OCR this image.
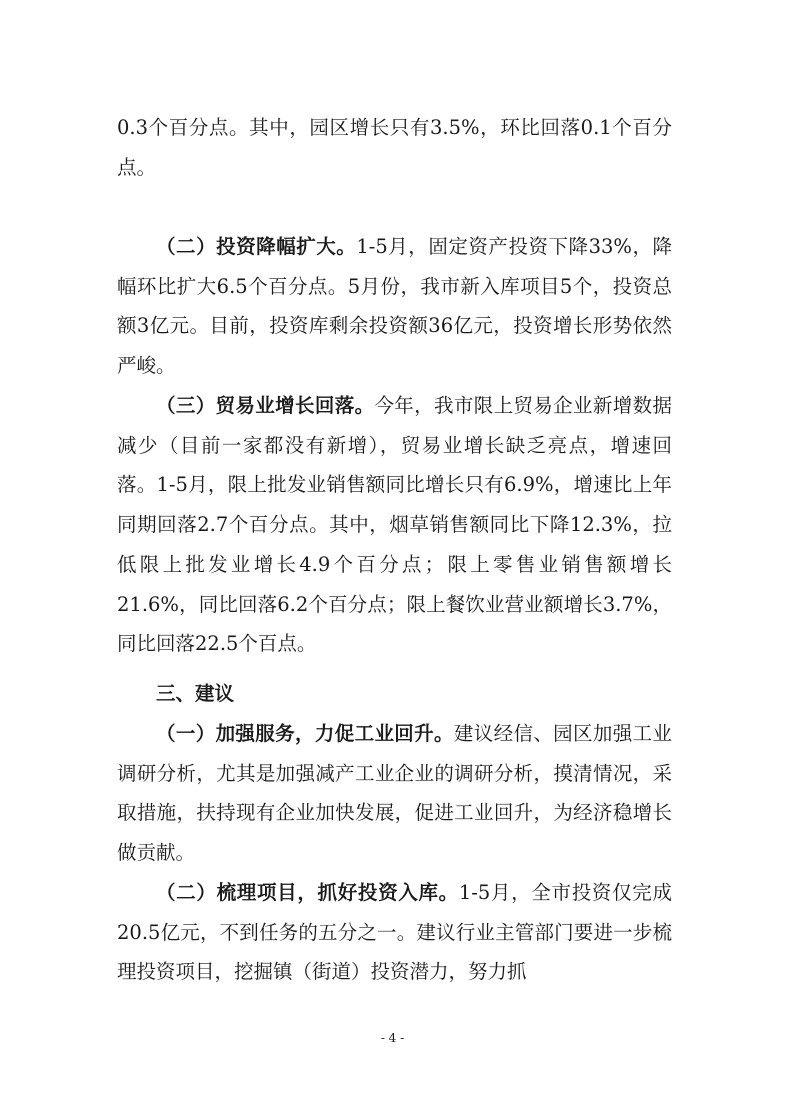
0.3个百分点。其中，园区增长只有3.5%，环比回落0.1个百分点。

（二）投资降幅扩大。1-5月，固定资产投资下降33%，降幅环比扩大6.5个百分点。5月份，我市新入库项目5个，投资总额3亿元。目前，投资库剩余投资额36亿元，投资增长形势依然严峻。

（三）贸易业增长回落。今年，我市限上贸易企业新增数据减少（目前一家都没有新增），贸易业增长缺乏亮点，增速回落。1-5月，限上批发业销售额同比增长只有6.9%，增速比上年同期回落2.7个百分点。其中，烟草销售额同比下降12.3%，拉低限上批发业增长4.9个百分点；限上零售业销售额增长21.6%，同比回落6.2个百分点；限上餐饮业营业额增长3.7%，同比回落22.5个百点。

三、建议

（一）加强服务，力促工业回升。建议经信、园区加强工业调研分析，尤其是加强减产工业企业的调研分析，摸清情况，采取措施，扶持现有企业加快发展，促进工业回升，为经济稳增长做贡献。

（二）梳理项目，抓好投资入库。1-5月，全市投资仅完成20.5亿元，不到任务的五分之一。建议行业主管部门要进一步梳理投资项目，挖掘镇（街道）投资潜力，努力抓

- 4 -
